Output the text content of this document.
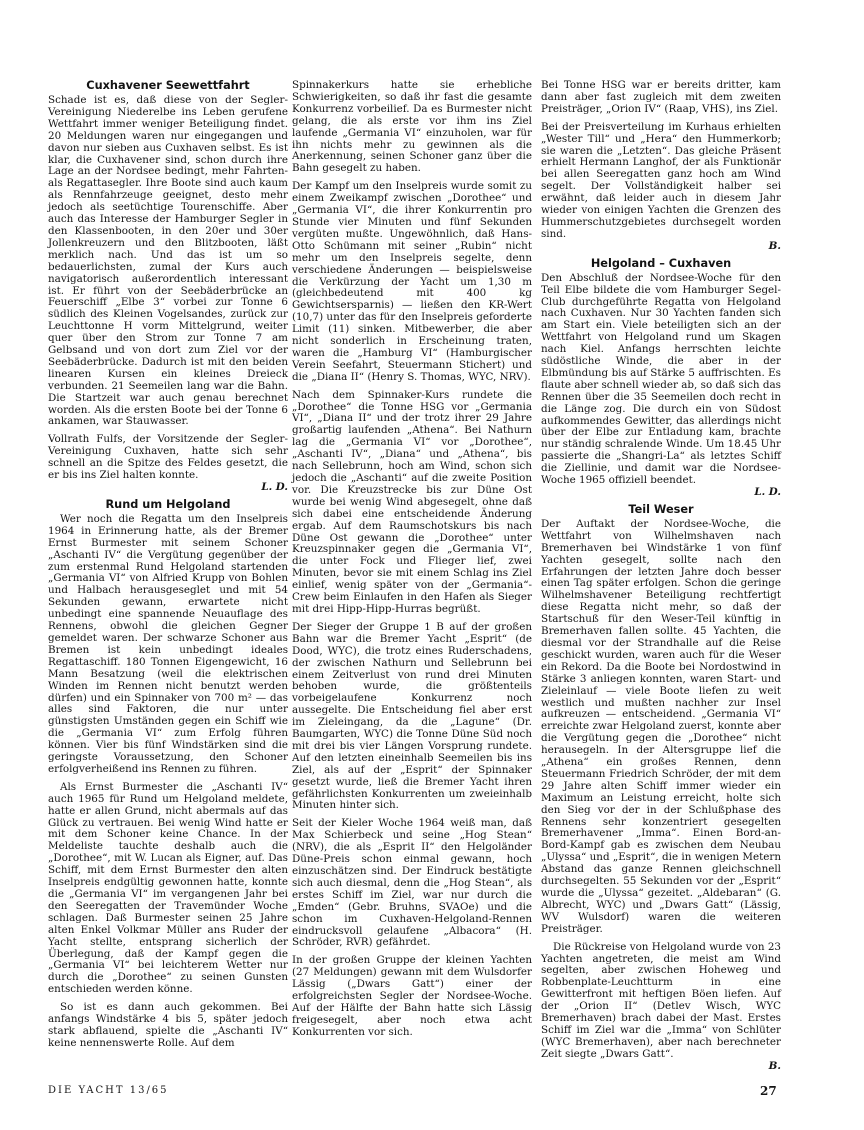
Cuxhavener Seewettfahrt

Schade ist es, daß diese von der Segler-Vereinigung Niederelbe ins Leben gerufene Wettfahrt immer weniger Beteiligung findet. 20 Meldungen waren nur eingegangen und davon nur sieben aus Cuxhaven selbst. Es ist klar, die Cuxhavener sind, schon durch ihre Lage an der Nordsee bedingt, mehr Fahrten- als Regattasegler. Ihre Boote sind auch kaum als Rennfahrzeuge geeignet, desto mehr jedoch als seetüchtige Tourenschiffe. Aber auch das Interesse der Hamburger Segler in den Klassenbooten, in den 20er und 30er Jollenkreuzern und den Blitzbooten, läßt merklich nach. Und das ist um so bedauerlichsten, zumal der Kurs auch navigatorisch außerordentlich interessant ist. Er führt von der Seebäderbrücke an Feuerschiff „Elbe 3“ vorbei zur Tonne 6 südlich des Kleinen Vogelsandes, zurück zur Leuchttonne H vorm Mittelgrund, weiter quer über den Strom zur Tonne 7 am Gelbsand und von dort zum Ziel vor der Seebäderbrücke. Dadurch ist mit den beiden linearen Kursen ein kleines Dreieck verbunden. 21 Seemeilen lang war die Bahn. Die Startzeit war auch genau berechnet worden. Als die ersten Boote bei der Tonne 6 ankamen, war Stauwasser.

Vollrath Fulfs, der Vorsitzende der Segler-Vereinigung Cuxhaven, hatte sich sehr schnell an die Spitze des Feldes gesetzt, die er bis ins Ziel halten konnte.

L. D.
Rund um Helgoland

Wer noch die Regatta um den Inselpreis 1964 in Erinnerung hatte, als der Bremer Ernst Burmester mit seinem Schoner „Aschanti IV“ die Vergütung gegenüber der zum erstenmal Rund Helgoland startenden „Germania VI“ von Alfried Krupp von Bohlen und Halbach herausgeseglet und mit 54 Sekunden gewann, erwartete nicht unbedingt eine spannende Neuauflage des Rennens, obwohl die gleichen Gegner gemeldet waren. Der schwarze Schoner aus Bremen ist kein unbedingt ideales Regattaschiff. 180 Tonnen Eigengewicht, 16 Mann Besatzung (weil die elektrischen Winden im Rennen nicht benutzt werden dürfen) und ein Spinnaker von 700 m² — das alles sind Faktoren, die nur unter günstigsten Umständen gegen ein Schiff wie die „Germania VI“ zum Erfolg führen können. Vier bis fünf Windstärken sind die geringste Voraussetzung, den Schoner erfolgverheißend ins Rennen zu führen.

Als Ernst Burmester die „Aschanti IV“ auch 1965 für Rund um Helgoland meldete, hatte er allen Grund, nicht abermals auf das Glück zu vertrauen. Bei wenig Wind hatte er mit dem Schoner keine Chance. In der Meldeliste tauchte deshalb auch die „Dorothee“, mit W. Lucan als Eigner, auf. Das Schiff, mit dem Ernst Burmester den alten Inselpreis endgültig gewonnen hatte, konnte die „Germania VI“ im vergangenen Jahr bei den Seeregatten der Travemünder Woche schlagen. Daß Burmester seinen 25 Jahre alten Enkel Volkmar Müller ans Ruder der Yacht stellte, entsprang sicherlich der Überlegung, daß der Kampf gegen die „Germania VI“ bei leichterem Wetter nur durch die „Dorothee“ zu seinen Gunsten entschieden werden könne.

So ist es dann auch gekommen. Bei anfangs Windstärke 4 bis 5, später jedoch stark abflauend, spielte die „Aschanti IV“ keine nennenswerte Rolle. Auf dem

Spinnakerkurs hatte sie erhebliche Schwierigkeiten, so daß ihr fast die gesamte Konkurrenz vorbeilief. Da es Burmester nicht gelang, die als erste vor ihm ins Ziel laufende „Germania VI“ einzuholen, war für ihn nichts mehr zu gewinnen als die Anerkennung, seinen Schoner ganz über die Bahn gesegelt zu haben.

Der Kampf um den Inselpreis wurde somit zu einem Zweikampf zwischen „Dorothee“ und „Germania VI“, die ihrer Konkurrentin pro Stunde vier Minuten und fünf Sekunden vergüten mußte. Ungewöhnlich, daß Hans-Otto Schümann mit seiner „Rubin“ nicht mehr um den Inselpreis segelte, denn verschiedene Änderungen — beispielsweise die Verkürzung der Yacht um 1,30 m (gleichbedeutend mit 400 kg Gewichtsersparnis) — ließen den KR-Wert (10,7) unter das für den Inselpreis geforderte Limit (11) sinken. Mitbewerber, die aber nicht sonderlich in Erscheinung traten, waren die „Hamburg VI“ (Hamburgischer Verein Seefahrt, Steuermann Stichert) und die „Diana II“ (Henry S. Thomas, WYC, NRV).

Nach dem Spinnaker-Kurs rundete die „Dorothee“ die Tonne HSG vor „Germania VI“, „Diana II“ und der trotz ihrer 29 Jahre großartig laufenden „Athena“. Bei Nathurn lag die „Germania VI“ vor „Dorothee“, „Aschanti IV“, „Diana“ und „Athena“, bis nach Sellebrunn, hoch am Wind, schon sich jedoch die „Aschanti“ auf die zweite Position vor. Die Kreuzstrecke bis zur Düne Ost wurde bei wenig Wind abgesegelt, ohne daß sich dabei eine entscheidende Änderung ergab. Auf dem Raumschotskurs bis nach Düne Ost gewann die „Dorothee“ unter Kreuzspinnaker gegen die „Germania VI“, die unter Fock und Flieger lief, zwei Minuten, bevor sie mit einem Schlag ins Ziel einlief, wenig später von der „Germania“-Crew beim Einlaufen in den Hafen als Sieger mit drei Hipp-Hipp-Hurras begrüßt.

Der Sieger der Gruppe 1 B auf der großen Bahn war die Bremer Yacht „Esprit“ (de Dood, WYC), die trotz eines Ruderschadens, der zwischen Nathurn und Sellebrunn bei einem Zeitverlust von rund drei Minuten behoben wurde, die größtenteils vorbeigelaufene Konkurrenz noch aussegelte. Die Entscheidung fiel aber erst im Zieleingang, da die „Lagune“ (Dr. Baumgarten, WYC) die Tonne Düne Süd noch mit drei bis vier Längen Vorsprung rundete. Auf den letzten eineinhalb Seemeilen bis ins Ziel, als auf der „Esprit“ der Spinnaker gesetzt wurde, ließ die Bremer Yacht ihren gefährlichsten Konkurrenten um zweieinhalb Minuten hinter sich.

Seit der Kieler Woche 1964 weiß man, daß Max Schierbeck und seine „Hog Stean“ (NRV), die als „Esprit II“ den Helgoländer Düne-Preis schon einmal gewann, hoch einzuschätzen sind. Der Eindruck bestätigte sich auch diesmal, denn die „Hog Stean“, als erstes Schiff im Ziel, war nur durch die „Emden“ (Gebr. Bruhns, SVAOe) und die schon im Cuxhaven-Helgoland-Rennen eindrucksvoll gelaufene „Albacora“ (H. Schröder, RVR) gefährdet.

In der großen Gruppe der kleinen Yachten (27 Meldungen) gewann mit dem Wulsdorfer Lässig („Dwars Gatt“) einer der erfolgreichsten Segler der Nordsee-Woche. Auf der Hälfte der Bahn hatte sich Lässig freigesegelt, aber noch etwa acht Konkurrenten vor sich.

Bei Tonne HSG war er bereits dritter, kam dann aber fast zugleich mit dem zweiten Preisträger, „Orion IV“ (Raap, VHS), ins Ziel.

Bei der Preisverteilung im Kurhaus erhielten „Wester Till“ und „Hera“ den Hummerkorb; sie waren die „Letzten“. Das gleiche Präsent erhielt Hermann Langhof, der als Funktionär bei allen Seeregatten ganz hoch am Wind segelt. Der Vollständigkeit halber sei erwähnt, daß leider auch in diesem Jahr wieder von einigen Yachten die Grenzen des Hummerschutzgebietes durchsegelt worden sind.

B.
Helgoland – Cuxhaven

Den Abschluß der Nordsee-Woche für den Teil Elbe bildete die vom Hamburger Segel-Club durchgeführte Regatta von Helgoland nach Cuxhaven. Nur 30 Yachten fanden sich am Start ein. Viele beteiligten sich an der Wettfahrt von Helgoland rund um Skagen nach Kiel. Anfangs herrschten leichte südöstliche Winde, die aber in der Elbmündung bis auf Stärke 5 auffrischten. Es flaute aber schnell wieder ab, so daß sich das Rennen über die 35 Seemeilen doch recht in die Länge zog. Die durch ein von Südost aufkommendes Gewitter, das allerdings nicht über der Elbe zur Entladung kam, brachte nur ständig schralende Winde. Um 18.45 Uhr passierte die „Shangri-La“ als letztes Schiff die Ziellinie, und damit war die Nordsee-Woche 1965 offiziell beendet.

L. D.
Teil Weser

Der Auftakt der Nordsee-Woche, die Wettfahrt von Wilhelmshaven nach Bremerhaven bei Windstärke 1 von fünf Yachten gesegelt, sollte nach den Erfahrungen der letzten Jahre doch besser einen Tag später erfolgen. Schon die geringe Wilhelmshavener Beteiligung rechtfertigt diese Regatta nicht mehr, so daß der Startschuß für den Weser-Teil künftig in Bremerhaven fallen sollte. 45 Yachten, die diesmal vor der Strandhalle auf die Reise geschickt wurden, waren auch für die Weser ein Rekord. Da die Boote bei Nordostwind in Stärke 3 anliegen konnten, waren Start- und Zieleinlauf — viele Boote liefen zu weit westlich und mußten nachher zur Insel aufkreuzen — entscheidend. „Germania VI“ erreichte zwar Helgoland zuerst, konnte aber die Vergütung gegen die „Dorothee“ nicht herausegeln. In der Altersgruppe lief die „Athena“ ein großes Rennen, denn Steuermann Friedrich Schröder, der mit dem 29 Jahre alten Schiff immer wieder ein Maximum an Leistung erreicht, holte sich den Sieg vor der in der Schlußphase des Rennens sehr konzentriert gesegelten Bremerhavener „Imma“. Einen Bord-an-Bord-Kampf gab es zwischen dem Neubau „Ulyssa“ und „Esprit“, die in wenigen Metern Abstand das ganze Rennen gleichschnell durchsegelten. 55 Sekunden vor der „Esprit“ wurde die „Ulyssa“ gezeitet. „Aldebaran“ (G. Albrecht, WYC) und „Dwars Gatt“ (Lässig, WV Wulsdorf) waren die weiteren Preisträger.

Die Rückreise von Helgoland wurde von 23 Yachten angetreten, die meist am Wind segelten, aber zwischen Hoheweg und Robbenplate-Leuchtturm in eine Gewitterfront mit heftigen Böen liefen. Auf der „Orion II“ (Detlev Wisch, WYC Bremerhaven) brach dabei der Mast. Erstes Schiff im Ziel war die „Imma“ von Schlüter (WYC Bremerhaven), aber nach berechneter Zeit siegte „Dwars Gatt“.

B.
DIE YACHT 13/65	27
